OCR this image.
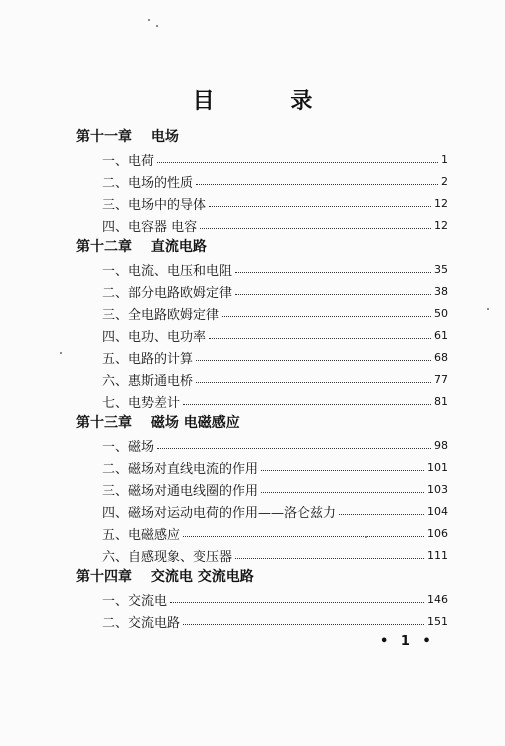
目 录
第十一章 电场
一、电荷	1
二、电场的性质	2
三、电场中的导体	12
四、电容器 电容	12
第十二章 直流电路
一、电流、电压和电阻	35
二、部分电路欧姆定律	38
三、全电路欧姆定律	50
四、电功、电功率	61
五、电路的计算	68
六、惠斯通电桥	77
七、电势差计	81
第十三章 磁场 电磁感应
一、磁场	98
二、磁场对直线电流的作用	101
三、磁场对通电线圈的作用	103
四、磁场对运动电荷的作用——洛仑兹力	104
五、电磁感应	106
六、自感现象、变压器	111
第十四章 交流电 交流电路
一、交流电	146
二、交流电路	151
• 1 •
